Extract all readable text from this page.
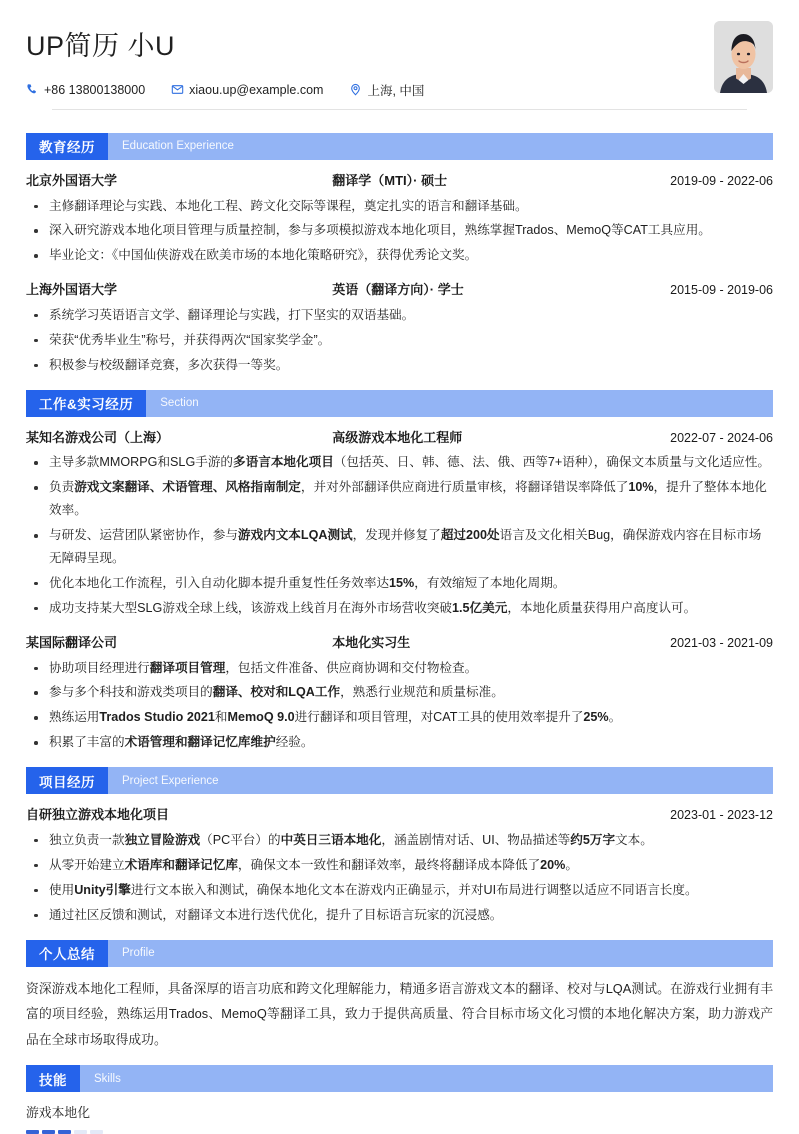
UP简历 小U
+86 13800138000	xiaou.up@example.com	上海, 中国
教育经历	Education Experience
北京外国语大学	翻译学（MTI）· 硕士	2019-09 - 2022-06
主修翻译理论与实践、本地化工程、跨文化交际等课程，奠定扎实的语言和翻译基础。
深入研究游戏本地化项目管理与质量控制，参与多项模拟游戏本地化项目，熟练掌握Trados、MemoQ等CAT工具应用。
毕业论文：《中国仙侠游戏在欧美市场的本地化策略研究》，获得优秀论文奖。
上海外国语大学	英语（翻译方向）· 学士	2015-09 - 2019-06
系统学习英语语言文学、翻译理论与实践，打下坚实的双语基础。
荣获“优秀毕业生”称号，并获得两次“国家奖学金”。
积极参与校级翻译竞赛，多次获得一等奖。
工作&实习经历	Section
某知名游戏公司（上海）	高级游戏本地化工程师	2022-07 - 2024-06
主导多款MMORPG和SLG手游的多语言本地化项目（包括英、日、韩、德、法、俄、西等7+语种），确保文本质量与文化适应性。
负责游戏文案翻译、术语管理、风格指南制定，并对外部翻译供应商进行质量审核，将翻译错误率降低了10%，提升了整体本地化效率。
与研发、运营团队紧密协作，参与游戏内文本LQA测试，发现并修复了超过200处语言及文化相关Bug，确保游戏内容在目标市场无障碍呈现。
优化本地化工作流程，引入自动化脚本提升重复性任务效率达15%，有效缩短了本地化周期。
成功支持某大型SLG游戏全球上线，该游戏上线首月在海外市场营收突破1.5亿美元，本地化质量获得用户高度认可。
某国际翻译公司	本地化实习生	2021-03 - 2021-09
协助项目经理进行翻译项目管理，包括文件准备、供应商协调和交付物检查。
参与多个科技和游戏类项目的翻译、校对和LQA工作，熟悉行业规范和质量标准。
熟练运用Trados Studio 2021和MemoQ 9.0进行翻译和项目管理，对CAT工具的使用效率提升了25%。
积累了丰富的术语管理和翻译记忆库维护经验。
项目经历	Project Experience
自研独立游戏本地化项目	2023-01 - 2023-12
独立负责一款独立冒险游戏（PC平台）的中英日三语本地化，涵盖剧情对话、UI、物品描述等约5万字文本。
从零开始建立术语库和翻译记忆库，确保文本一致性和翻译效率，最终将翻译成本降低了20%。
使用Unity引擎进行文本嵌入和测试，确保本地化文本在游戏内正确显示，并对UI布局进行调整以适应不同语言长度。
通过社区反馈和测试，对翻译文本进行迭代优化，提升了目标语言玩家的沉浸感。
个人总结	Profile
资深游戏本地化工程师，具备深厚的语言功底和跨文化理解能力，精通多语言游戏文本的翻译、校对与LQA测试。在游戏行业拥有丰富的项目经验，熟练运用Trados、MemoQ等翻译工具，致力于提供高质量、符合目标市场文化习惯的本地化解决方案，助力游戏产品在全球市场取得成功。
技能	Skills
游戏本地化
